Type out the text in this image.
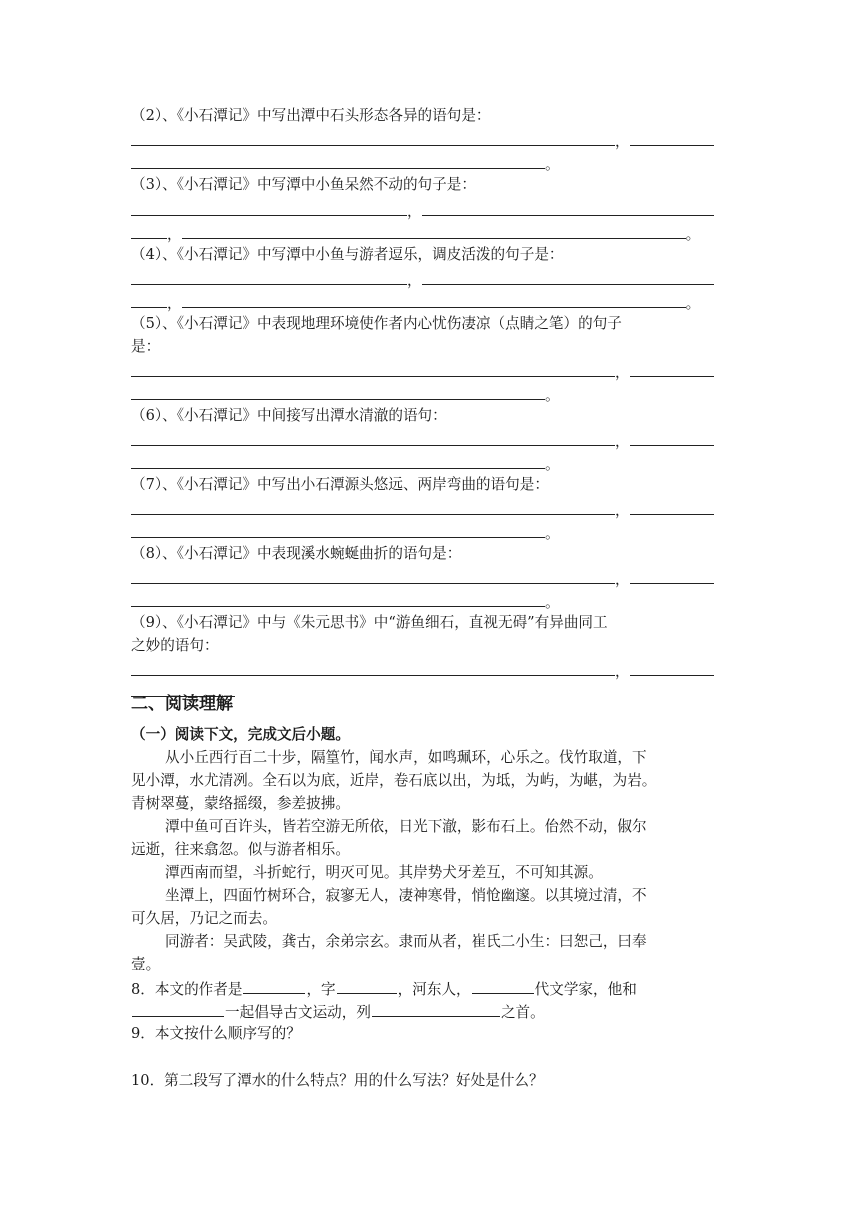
（2）、《小石潭记》中写出潭中石头形态各异的语句是：
，
。
（3）、《小石潭记》中写潭中小鱼呆然不动的句子是：
，
，	。
（4）、《小石潭记》中写潭中小鱼与游者逗乐，调皮活泼的句子是：
，
，	。
（5）、《小石潭记》中表现地理环境使作者内心忧伤凄凉（点睛之笔）的句子
是：
，
。
（6）、《小石潭记》中间接写出潭水清澈的语句：
，
。
（7）、《小石潭记》中写出小石潭源头悠远、两岸弯曲的语句是：
，
。
（8）、《小石潭记》中表现溪水蜿蜒曲折的语句是：
，
。
（9）、《小石潭记》中与《朱元思书》中“游鱼细石，直视无碍”有异曲同工
之妙的语句：
，
二、阅读理解
（一）阅读下文，完成文后小题。
从小丘西行百二十步，隔篁竹，闻水声，如鸣珮环，心乐之。伐竹取道，下
见小潭，水尤清冽。全石以为底，近岸，卷石底以出，为坻，为屿，为嵁，为岩。
青树翠蔓，蒙络摇缀，参差披拂。
潭中鱼可百许头，皆若空游无所依，日光下澈，影布石上。佁然不动，俶尔
远逝，往来翕忽。似与游者相乐。
潭西南而望，斗折蛇行，明灭可见。其岸势犬牙差互，不可知其源。
坐潭上，四面竹树环合，寂寥无人，凄神寒骨，悄怆幽邃。以其境过清，不
可久居，乃记之而去。
同游者：吴武陵，龚古，余弟宗玄。隶而从者，崔氏二小生：曰恕己，曰奉
壹。
8．本文的作者是	，字	，河东人，	代文学家，他和
一起倡导古文运动，列	之首。
9．本文按什么顺序写的？
10．第二段写了潭水的什么特点？用的什么写法？好处是什么？
